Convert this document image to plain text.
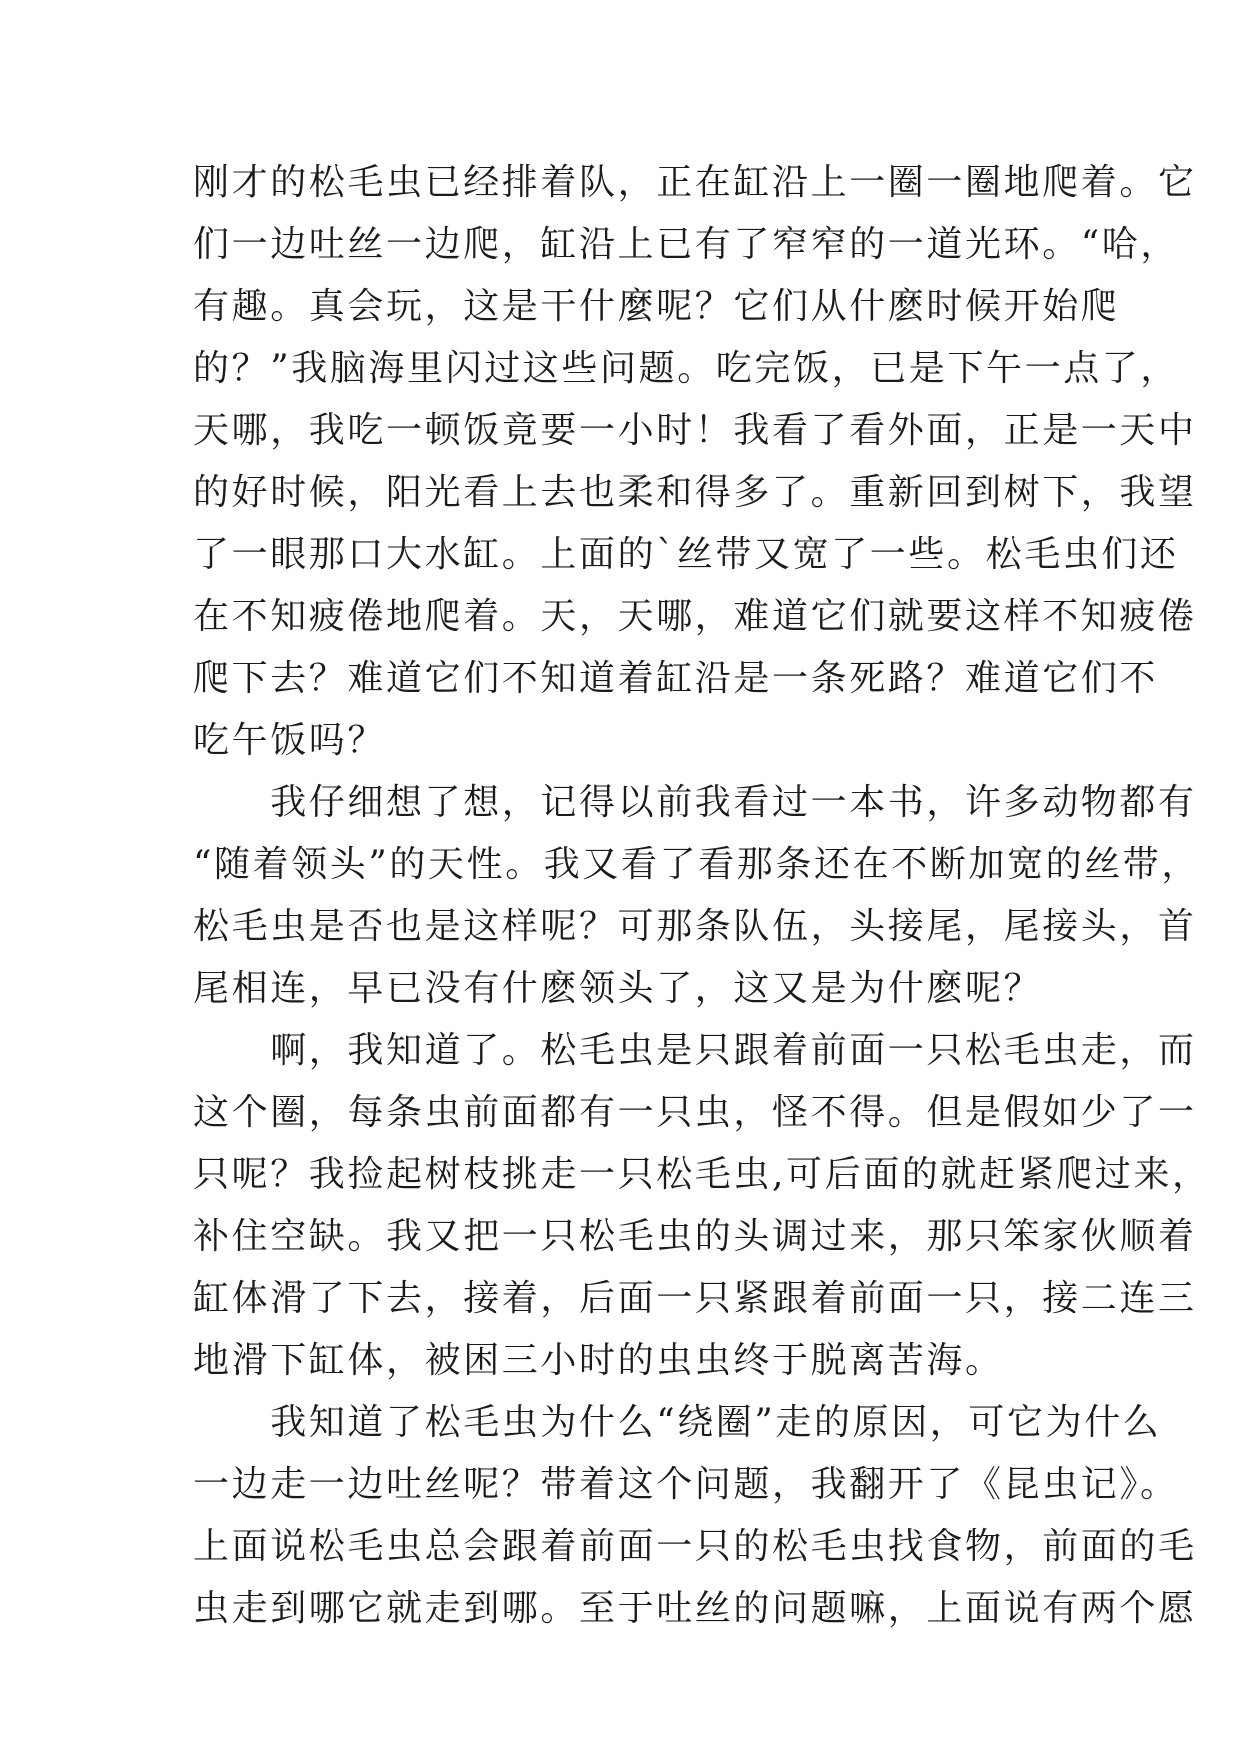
刚才的松毛虫已经排着队，正在缸沿上一圈一圈地爬着。它
们一边吐丝一边爬，缸沿上已有了窄窄的一道光环。“哈，
有趣。真会玩，这是干什麼呢？它们从什麽时候开始爬
的？”我脑海里闪过这些问题。吃完饭，已是下午一点了，
天哪，我吃一顿饭竟要一小时！我看了看外面，正是一天中
的好时候，阳光看上去也柔和得多了。重新回到树下，我望
了一眼那口大水缸。上面的`丝带又宽了一些。松毛虫们还
在不知疲倦地爬着。天，天哪，难道它们就要这样不知疲倦
爬下去？难道它们不知道着缸沿是一条死路？难道它们不
吃午饭吗？
　　我仔细想了想，记得以前我看过一本书，许多动物都有
“随着领头”的天性。我又看了看那条还在不断加宽的丝带，
松毛虫是否也是这样呢？可那条队伍，头接尾，尾接头，首
尾相连，早已没有什麽领头了，这又是为什麽呢？
　　啊，我知道了。松毛虫是只跟着前面一只松毛虫走，而
这个圈，每条虫前面都有一只虫，怪不得。但是假如少了一
只呢？我捡起树枝挑走一只松毛虫,可后面的就赶紧爬过来，
补住空缺。我又把一只松毛虫的头调过来，那只笨家伙顺着
缸体滑了下去，接着，后面一只紧跟着前面一只，接二连三
地滑下缸体，被困三小时的虫虫终于脱离苦海。
　　我知道了松毛虫为什么“绕圈”走的原因，可它为什么
一边走一边吐丝呢？带着这个问题，我翻开了《昆虫记》。
上面说松毛虫总会跟着前面一只的松毛虫找食物，前面的毛
虫走到哪它就走到哪。至于吐丝的问题嘛，上面说有两个愿
